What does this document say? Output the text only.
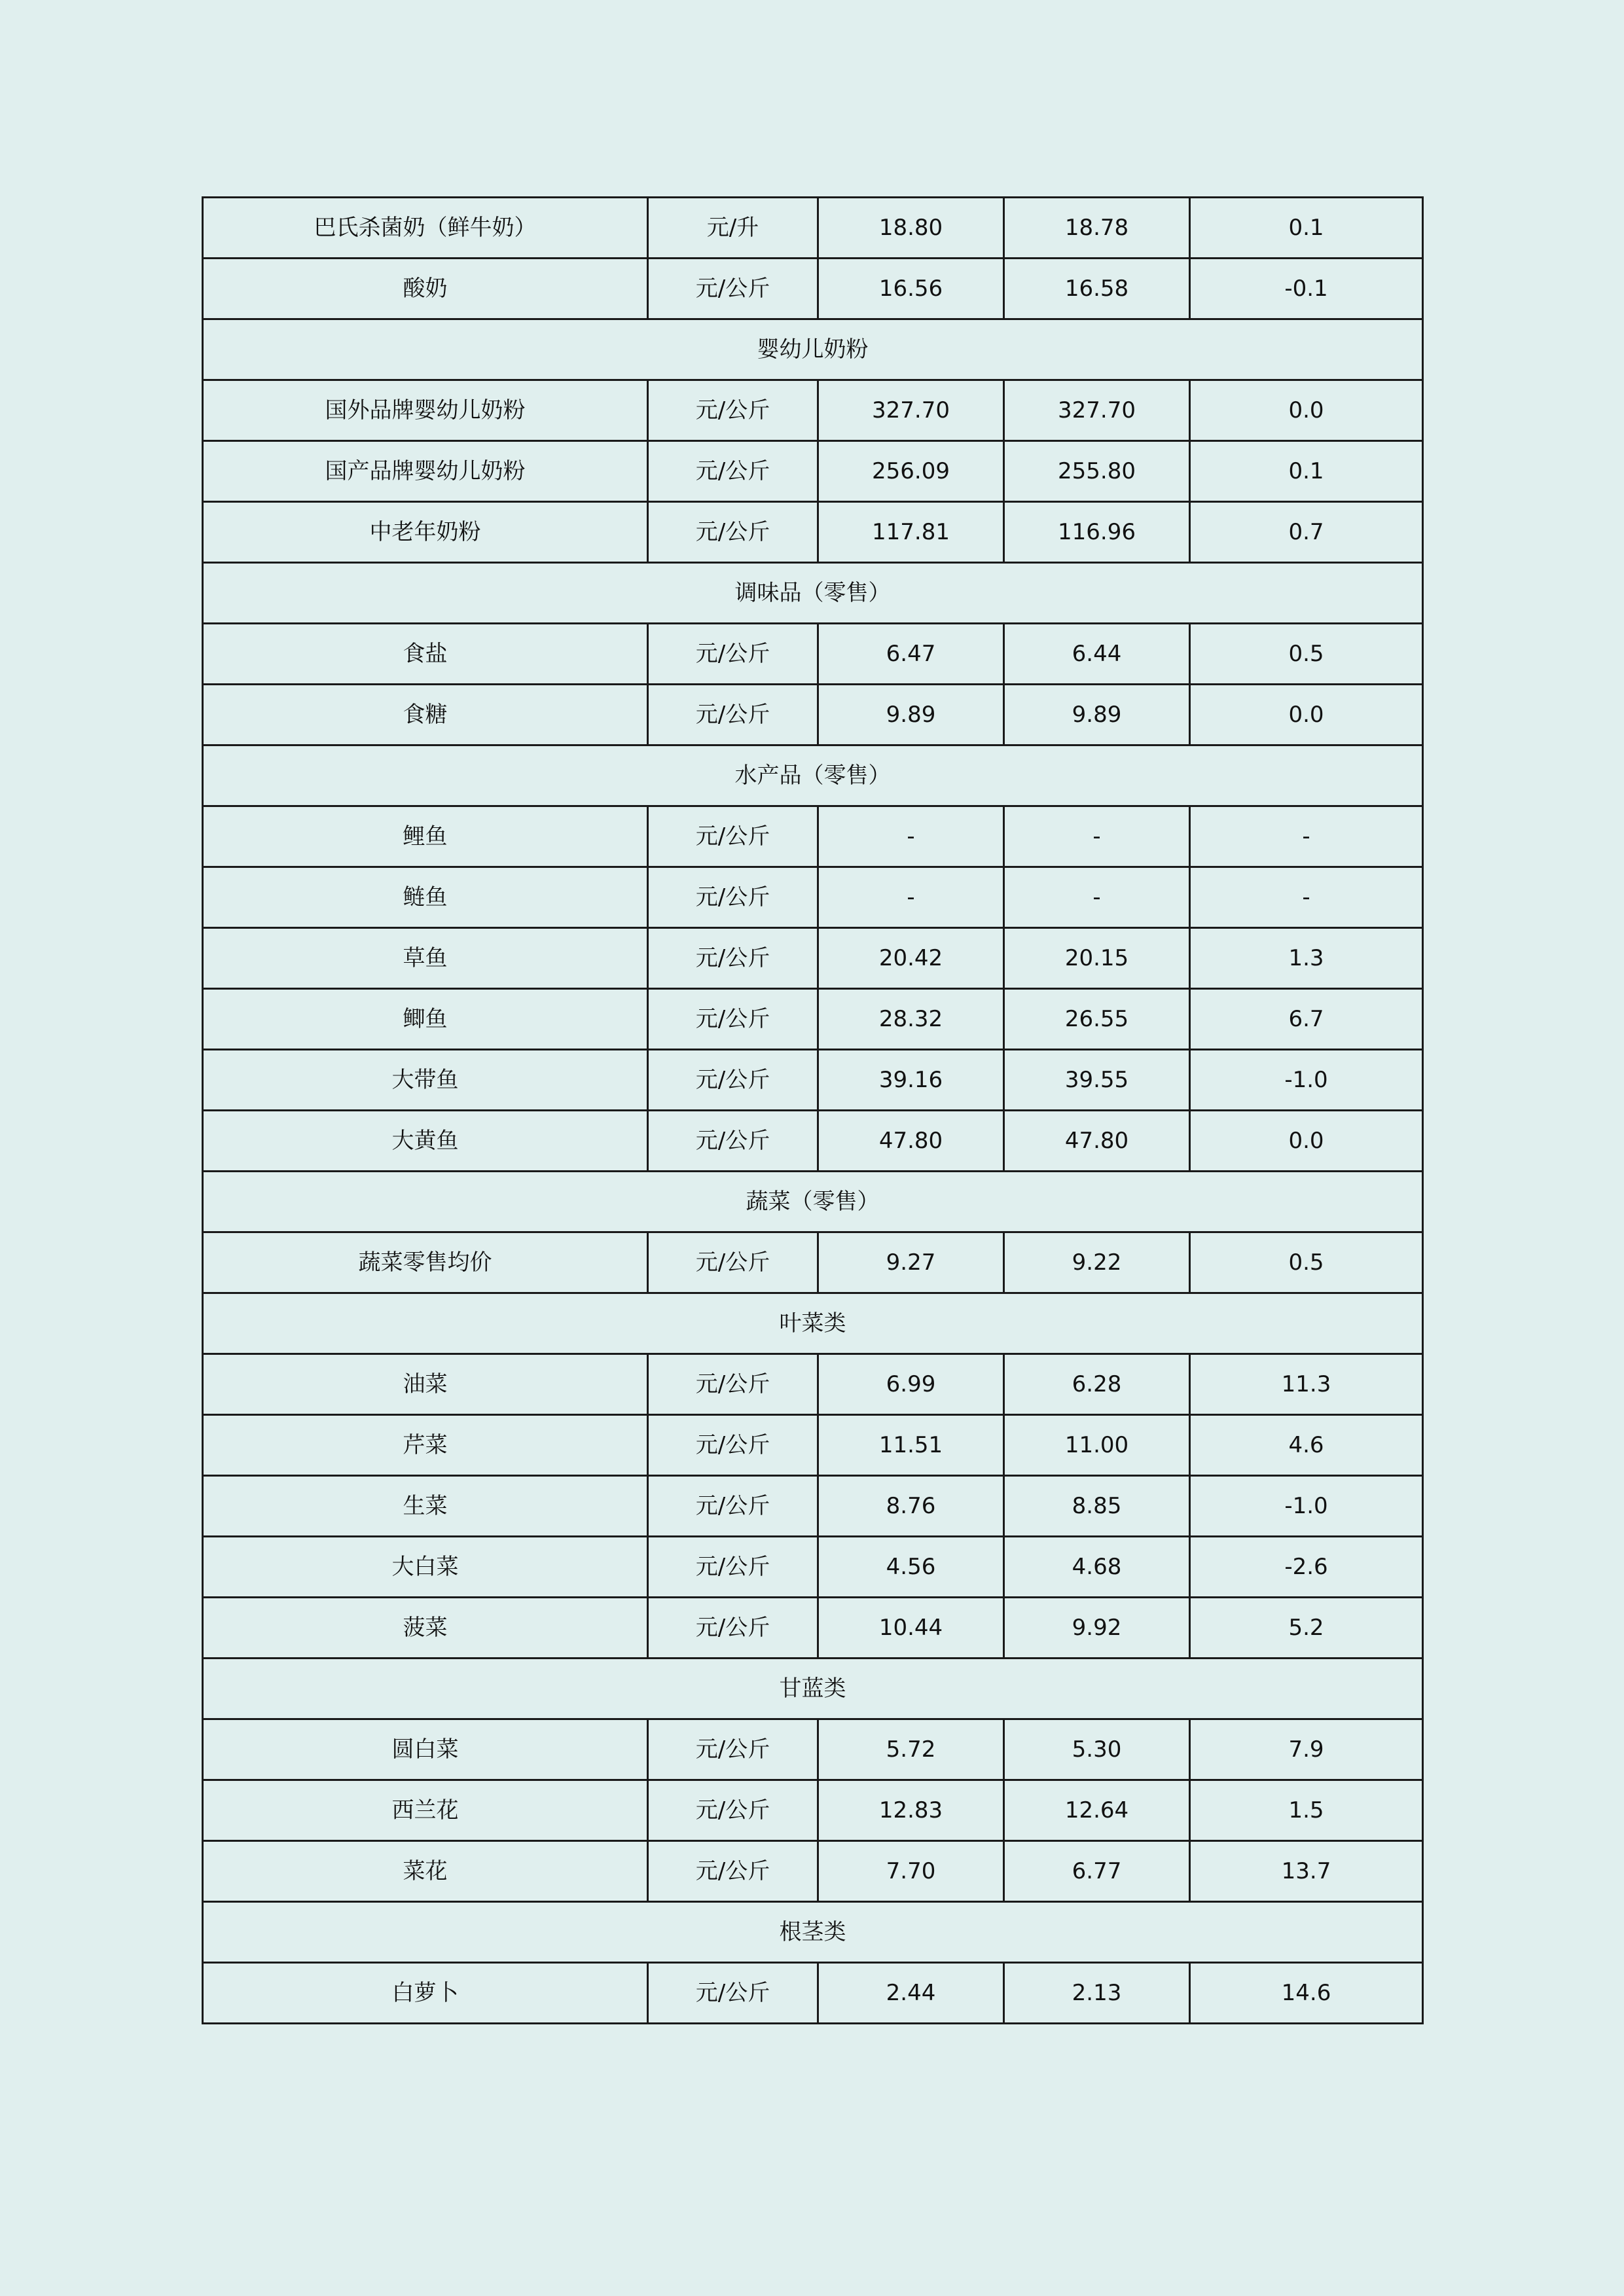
巴氏杀菌奶（鲜牛奶）	元/升	18.80	18.78	0.1
酸奶	元/公斤	16.56	16.58	-0.1
婴幼儿奶粉				
国外品牌婴幼儿奶粉	元/公斤	327.70	327.70	0.0
国产品牌婴幼儿奶粉	元/公斤	256.09	255.80	0.1
中老年奶粉	元/公斤	117.81	116.96	0.7
调味品（零售）				
食盐	元/公斤	6.47	6.44	0.5
食糖	元/公斤	9.89	9.89	0.0
水产品（零售）				
鲤鱼	元/公斤	-	-	-
鲢鱼	元/公斤	-	-	-
草鱼	元/公斤	20.42	20.15	1.3
鲫鱼	元/公斤	28.32	26.55	6.7
大带鱼	元/公斤	39.16	39.55	-1.0
大黄鱼	元/公斤	47.80	47.80	0.0
蔬菜（零售）				
蔬菜零售均价	元/公斤	9.27	9.22	0.5
叶菜类				
油菜	元/公斤	6.99	6.28	11.3
芹菜	元/公斤	11.51	11.00	4.6
生菜	元/公斤	8.76	8.85	-1.0
大白菜	元/公斤	4.56	4.68	-2.6
菠菜	元/公斤	10.44	9.92	5.2
甘蓝类				
圆白菜	元/公斤	5.72	5.30	7.9
西兰花	元/公斤	12.83	12.64	1.5
菜花	元/公斤	7.70	6.77	13.7
根茎类				
白萝卜	元/公斤	2.44	2.13	14.6
